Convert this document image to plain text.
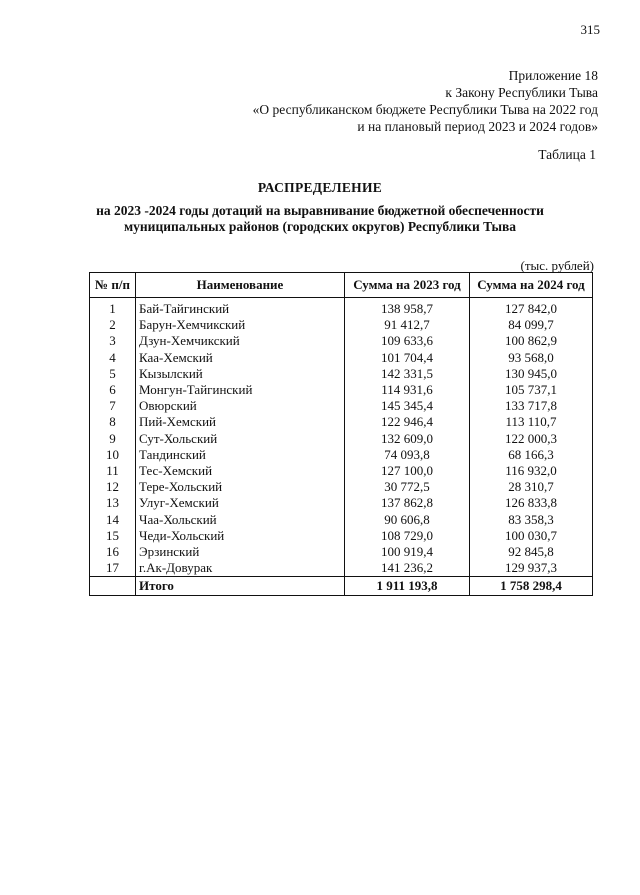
315
Приложение 18
к Закону Республики Тыва
«О республиканском бюджете Республики Тыва на 2022 год
и на плановый период 2023 и 2024 годов»
Таблица 1
РАСПРЕДЕЛЕНИЕ
на 2023 -2024 годы дотаций на выравнивание бюджетной обеспеченности
муниципальных районов (городских округов) Республики Тыва
(тыс. рублей)
№ п/п	Наименование	Сумма на 2023 год	Сумма на 2024 год
1	Бай-Тайгинский	138 958,7	127 842,0
2	Барун-Хемчикский	91 412,7	84 099,7
3	Дзун-Хемчикский	109 633,6	100 862,9
4	Каа-Хемский	101 704,4	93 568,0
5	Кызылский	142 331,5	130 945,0
6	Монгун-Тайгинский	114 931,6	105 737,1
7	Овюрский	145 345,4	133 717,8
8	Пий-Хемский	122 946,4	113 110,7
9	Сут-Хольский	132 609,0	122 000,3
10	Тандинский	74 093,8	68 166,3
11	Тес-Хемский	127 100,0	116 932,0
12	Тере-Хольский	30 772,5	28 310,7
13	Улуг-Хемский	137 862,8	126 833,8
14	Чаа-Хольский	90 606,8	83 358,3
15	Чеди-Хольский	108 729,0	100 030,7
16	Эрзинский	100 919,4	92 845,8
17	г.Ак-Довурак	141 236,2	129 937,3
	Итого	1 911 193,8	1 758 298,4
